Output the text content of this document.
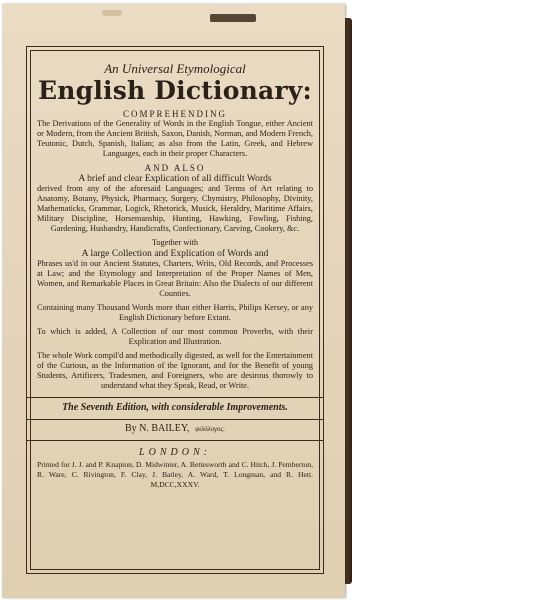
An Universal Etymological
English Dictionary:
COMPREHENDING
The Derivations of the Generality of Words in the English Tongue, either Ancient or Modern, from the Ancient British, Saxon, Danish, Norman, and Modern French, Teutonic, Dutch, Spanish, Italian; as also from the Latin, Greek, and Hebrew Languages, each in their proper Characters.
AND ALSO
A brief and clear Explication of all difficult Words
derived from any of the aforesaid Languages; and Terms of Art relating to Anatomy, Botany, Physick, Pharmacy, Surgery, Chymistry, Philosophy, Divinity, Mathematicks, Grammar, Logick, Rhetorick, Musick, Heraldry, Maritime Affairs, Military Discipline, Horsemanship, Hunting, Hawking, Fowling, Fishing, Gardening, Husbandry, Handicrafts, Confectionary, Carving, Cookery, &c.
Together with
A large Collection and Explication of Words and
Phrases us'd in our Ancient Statutes, Charters, Writs, Old Records, and Processes at Law; and the Etymology and Interpretation of the Proper Names of Men, Women, and Remarkable Places in Great Britain: Also the Dialects of our different Counties.
Containing many Thousand Words more than either Harris, Philips Kersey, or any English Dictionary before Extant.
To which is added, A Collection of our most common Proverbs, with their Explication and Illustration.
The whole Work compil'd and methodically digested, as well for the Entertainment of the Curious, as the Information of the Ignorant, and for the Benefit of young Students, Artificers, Tradesmen, and Foreigners, who are desirous thorowly to understand what they Speak, Read, or Write.
The Seventh Edition, with considerable Improvements.
By N. BAILEY, φιλόλογος.
LONDON:
Printed for J. J. and P. Knapton, D. Midwinter, A. Bettesworth and C. Hitch, J. Pemberton, R. Ware, C. Rivington, F. Clay, J. Batley, A. Ward, T. Longman, and R. Hett. M,DCC,XXXV.
